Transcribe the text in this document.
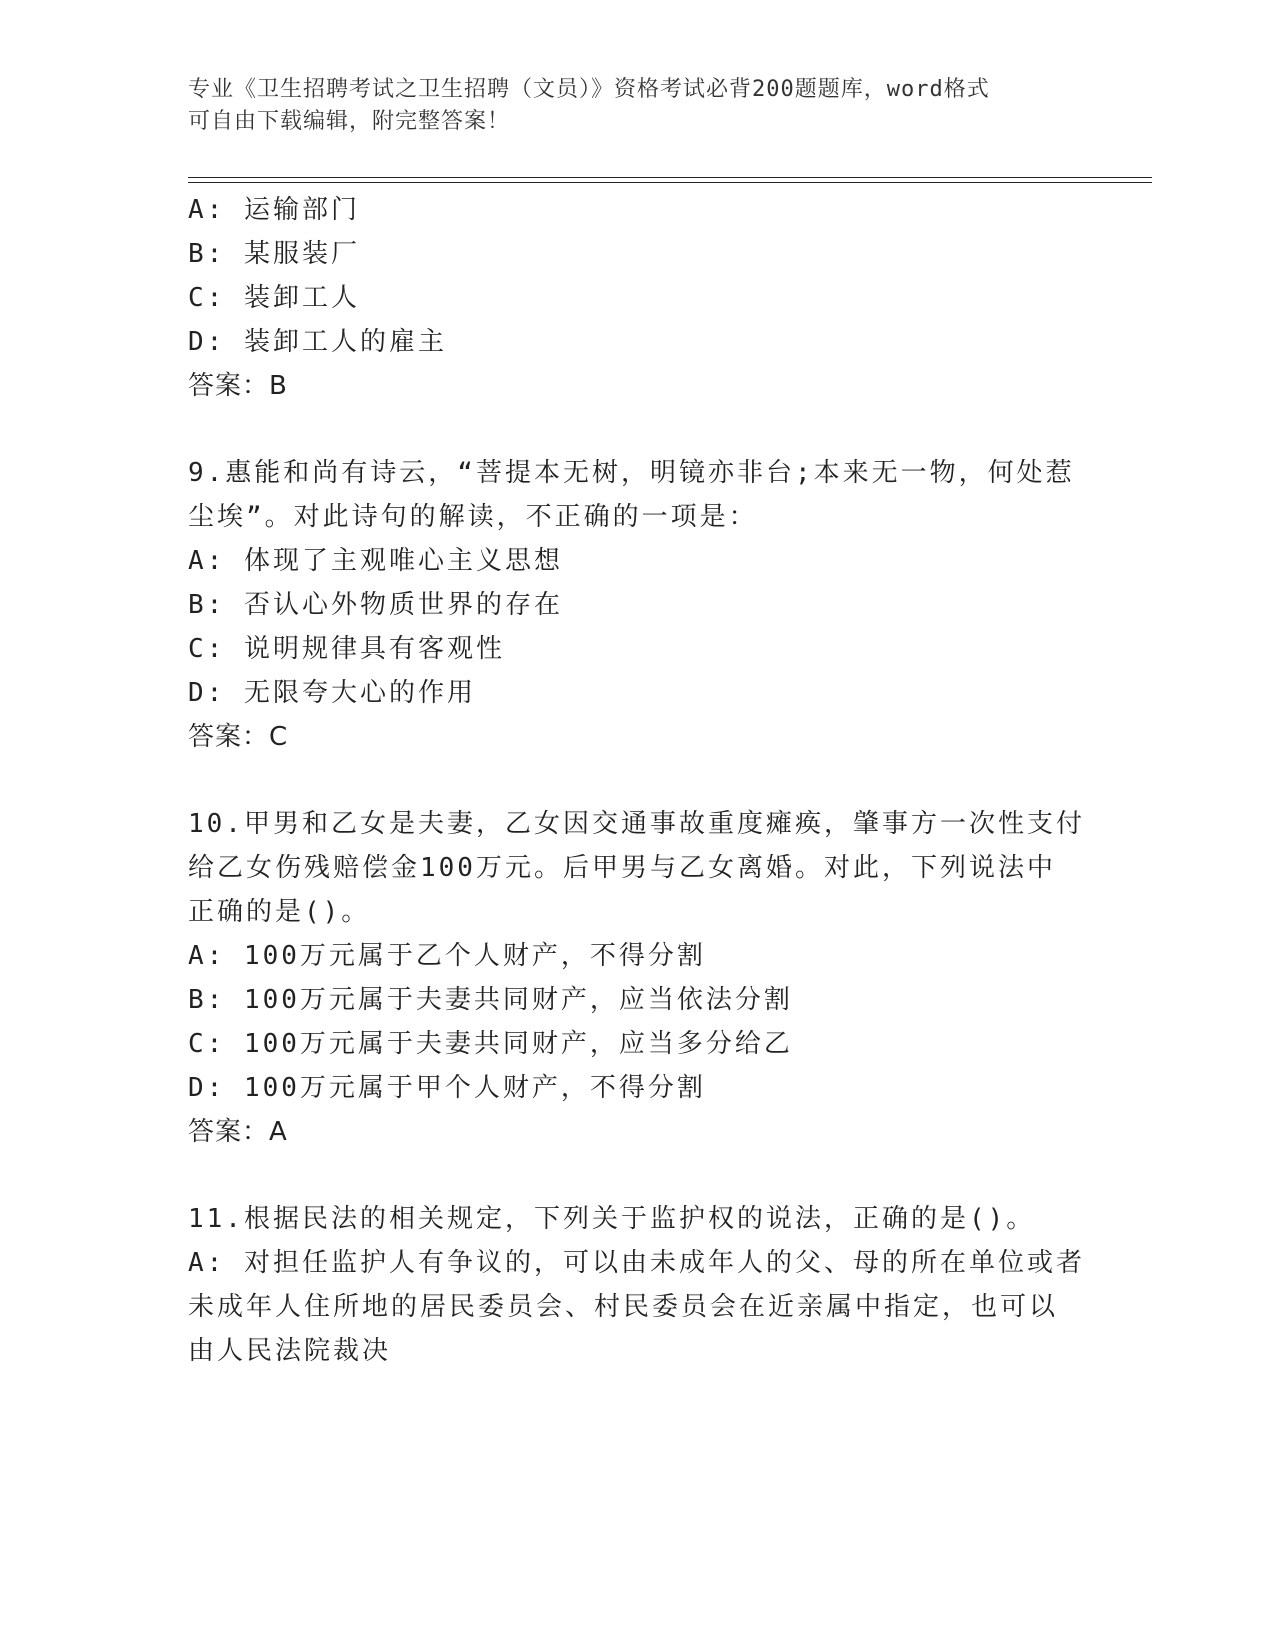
专业《卫生招聘考试之卫生招聘（文员）》资格考试必背200题题库，word格式
可自由下载编辑，附完整答案！
A: 运输部门
B: 某服装厂
C: 装卸工人
D: 装卸工人的雇主
答案：B
9.惠能和尚有诗云，“菩提本无树，明镜亦非台;本来无一物，何处惹
尘埃”。对此诗句的解读，不正确的一项是：
A: 体现了主观唯心主义思想
B: 否认心外物质世界的存在
C: 说明规律具有客观性
D: 无限夸大心的作用
答案：C
10.甲男和乙女是夫妻，乙女因交通事故重度瘫痪，肇事方一次性支付
给乙女伤残赔偿金100万元。后甲男与乙女离婚。对此，下列说法中
正确的是()。
A: 100万元属于乙个人财产，不得分割
B: 100万元属于夫妻共同财产，应当依法分割
C: 100万元属于夫妻共同财产，应当多分给乙
D: 100万元属于甲个人财产，不得分割
答案：A
11.根据民法的相关规定，下列关于监护权的说法，正确的是()。
A: 对担任监护人有争议的，可以由未成年人的父、母的所在单位或者
未成年人住所地的居民委员会、村民委员会在近亲属中指定，也可以
由人民法院裁决
